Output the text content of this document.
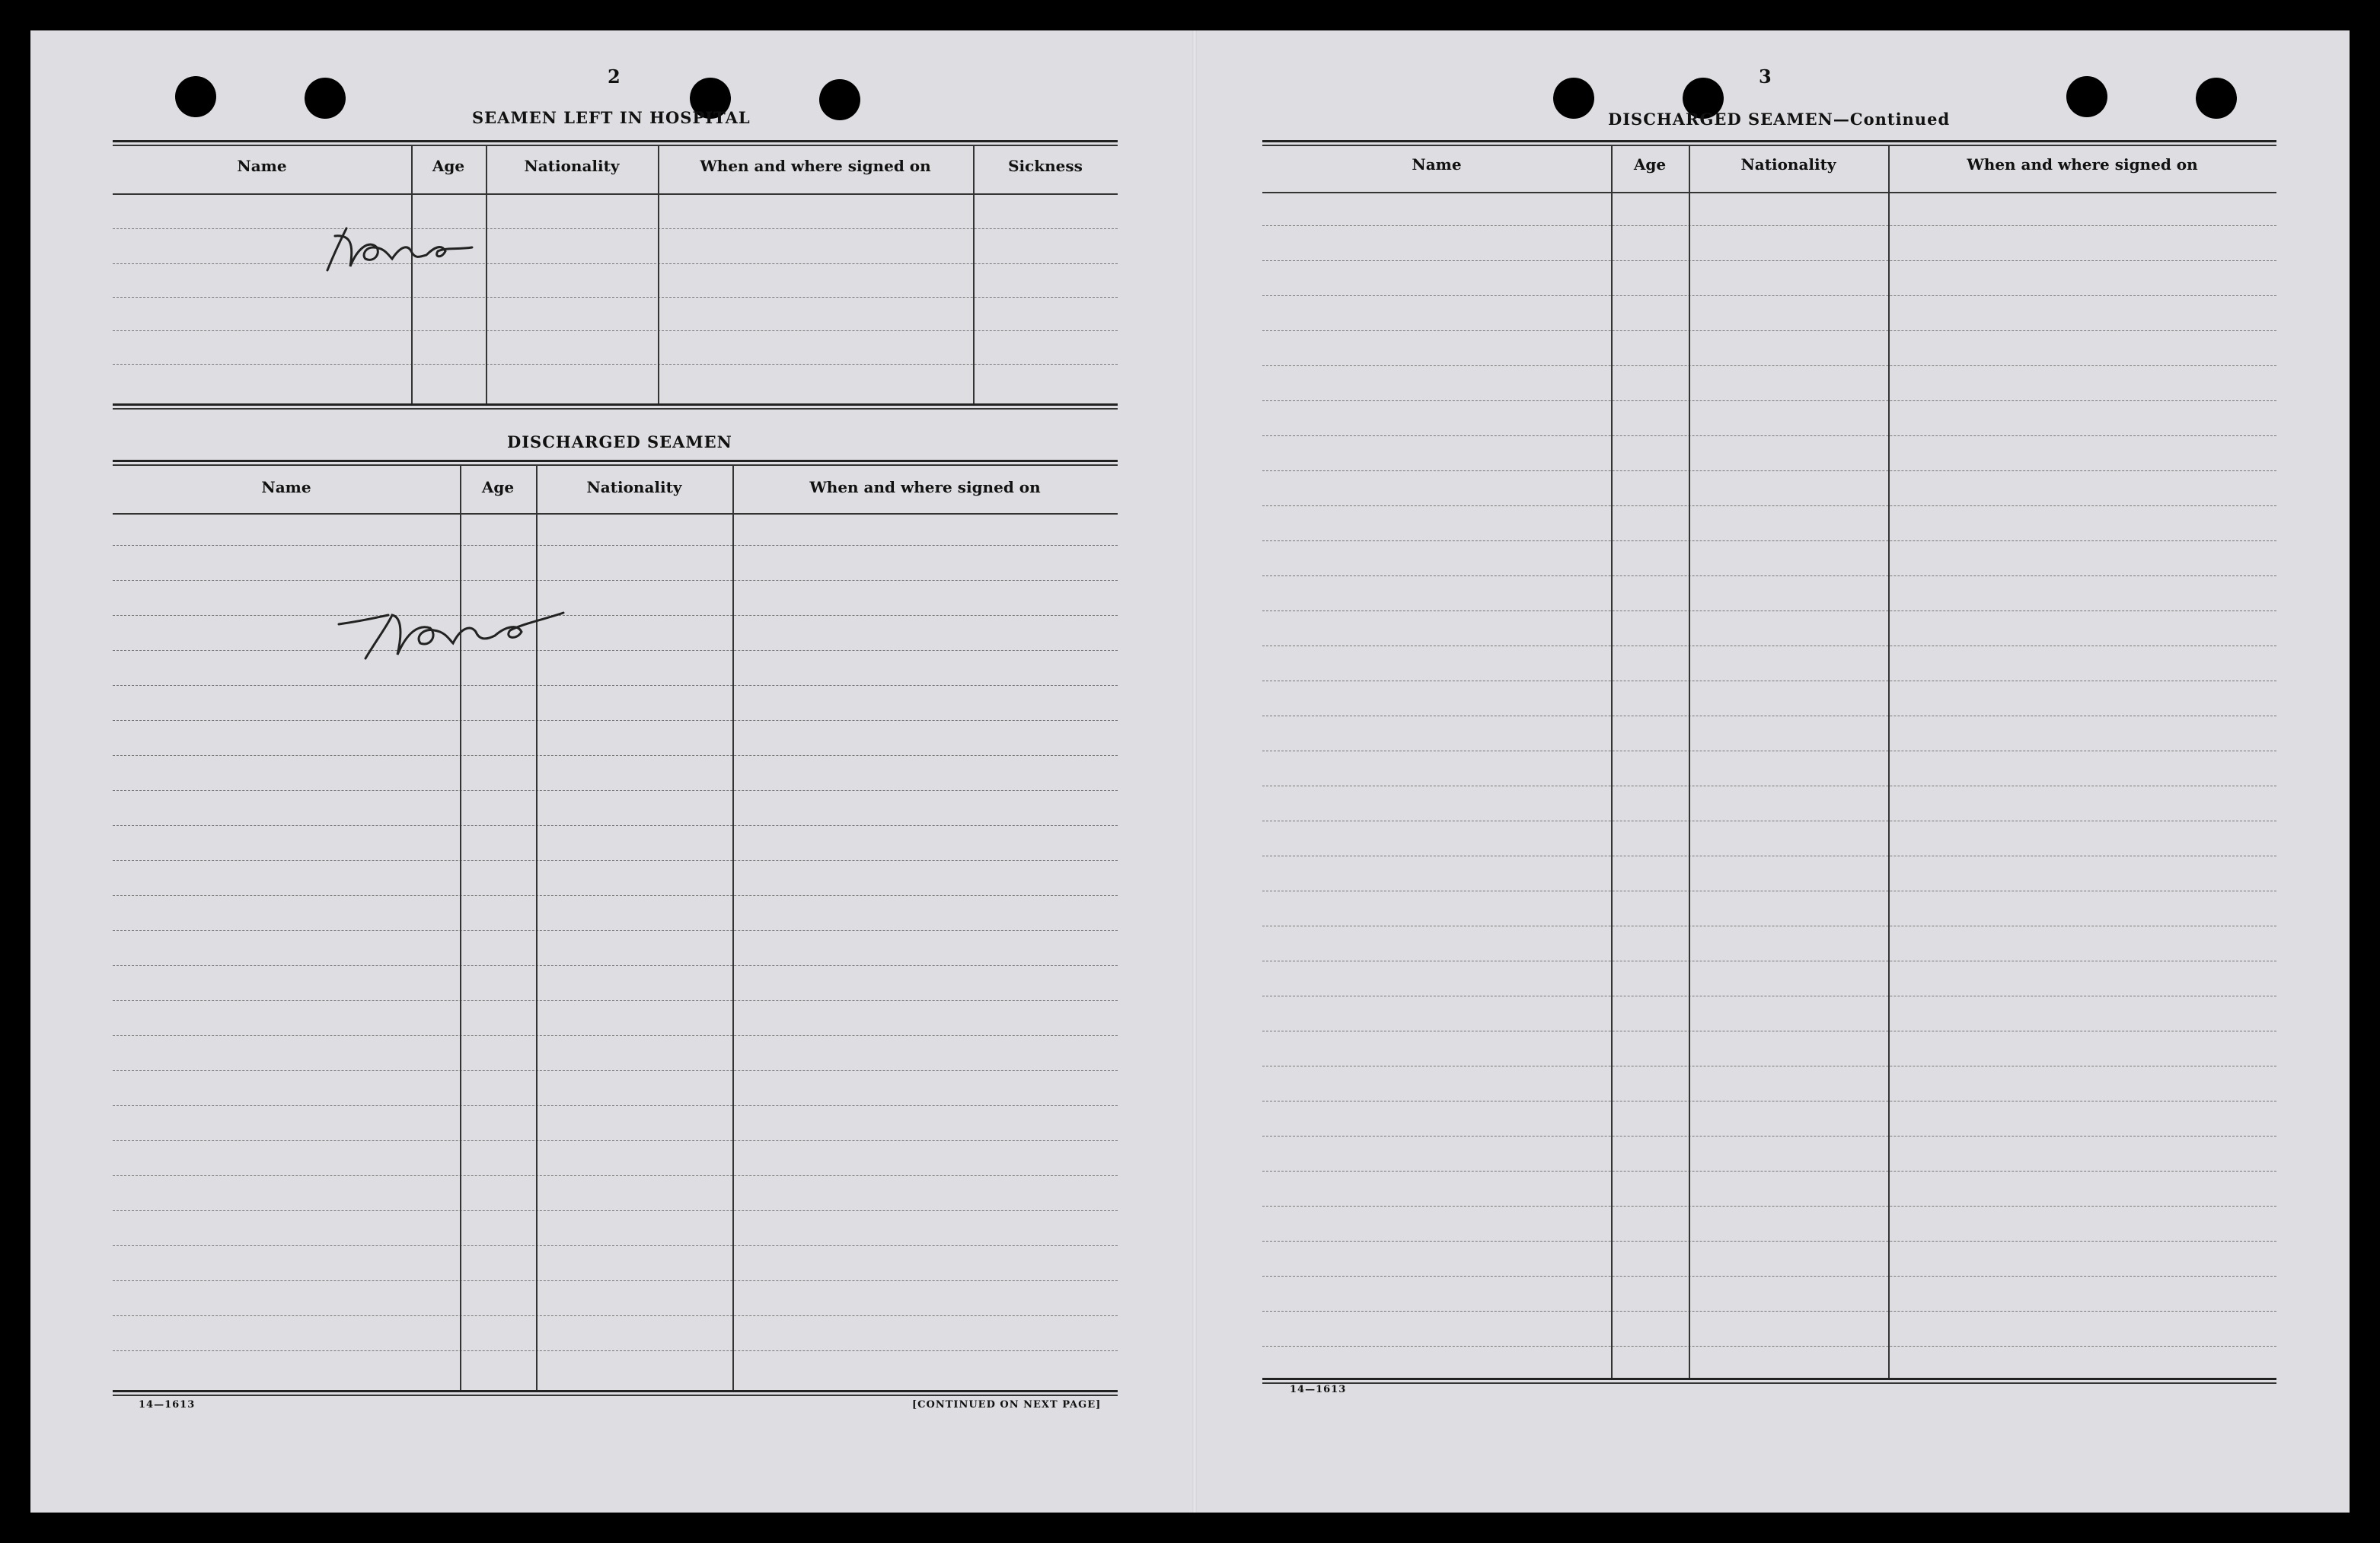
2
SEAMEN LEFT IN HOSPITAL
Name	Age	Nationality	When and where signed on	Sickness
DISCHARGED SEAMEN
Name	Age	Nationality	When and where signed on
14—1613	[CONTINUED ON NEXT PAGE]
3
DISCHARGED SEAMEN—Continued
Name	Age	Nationality	When and where signed on
14—1613
